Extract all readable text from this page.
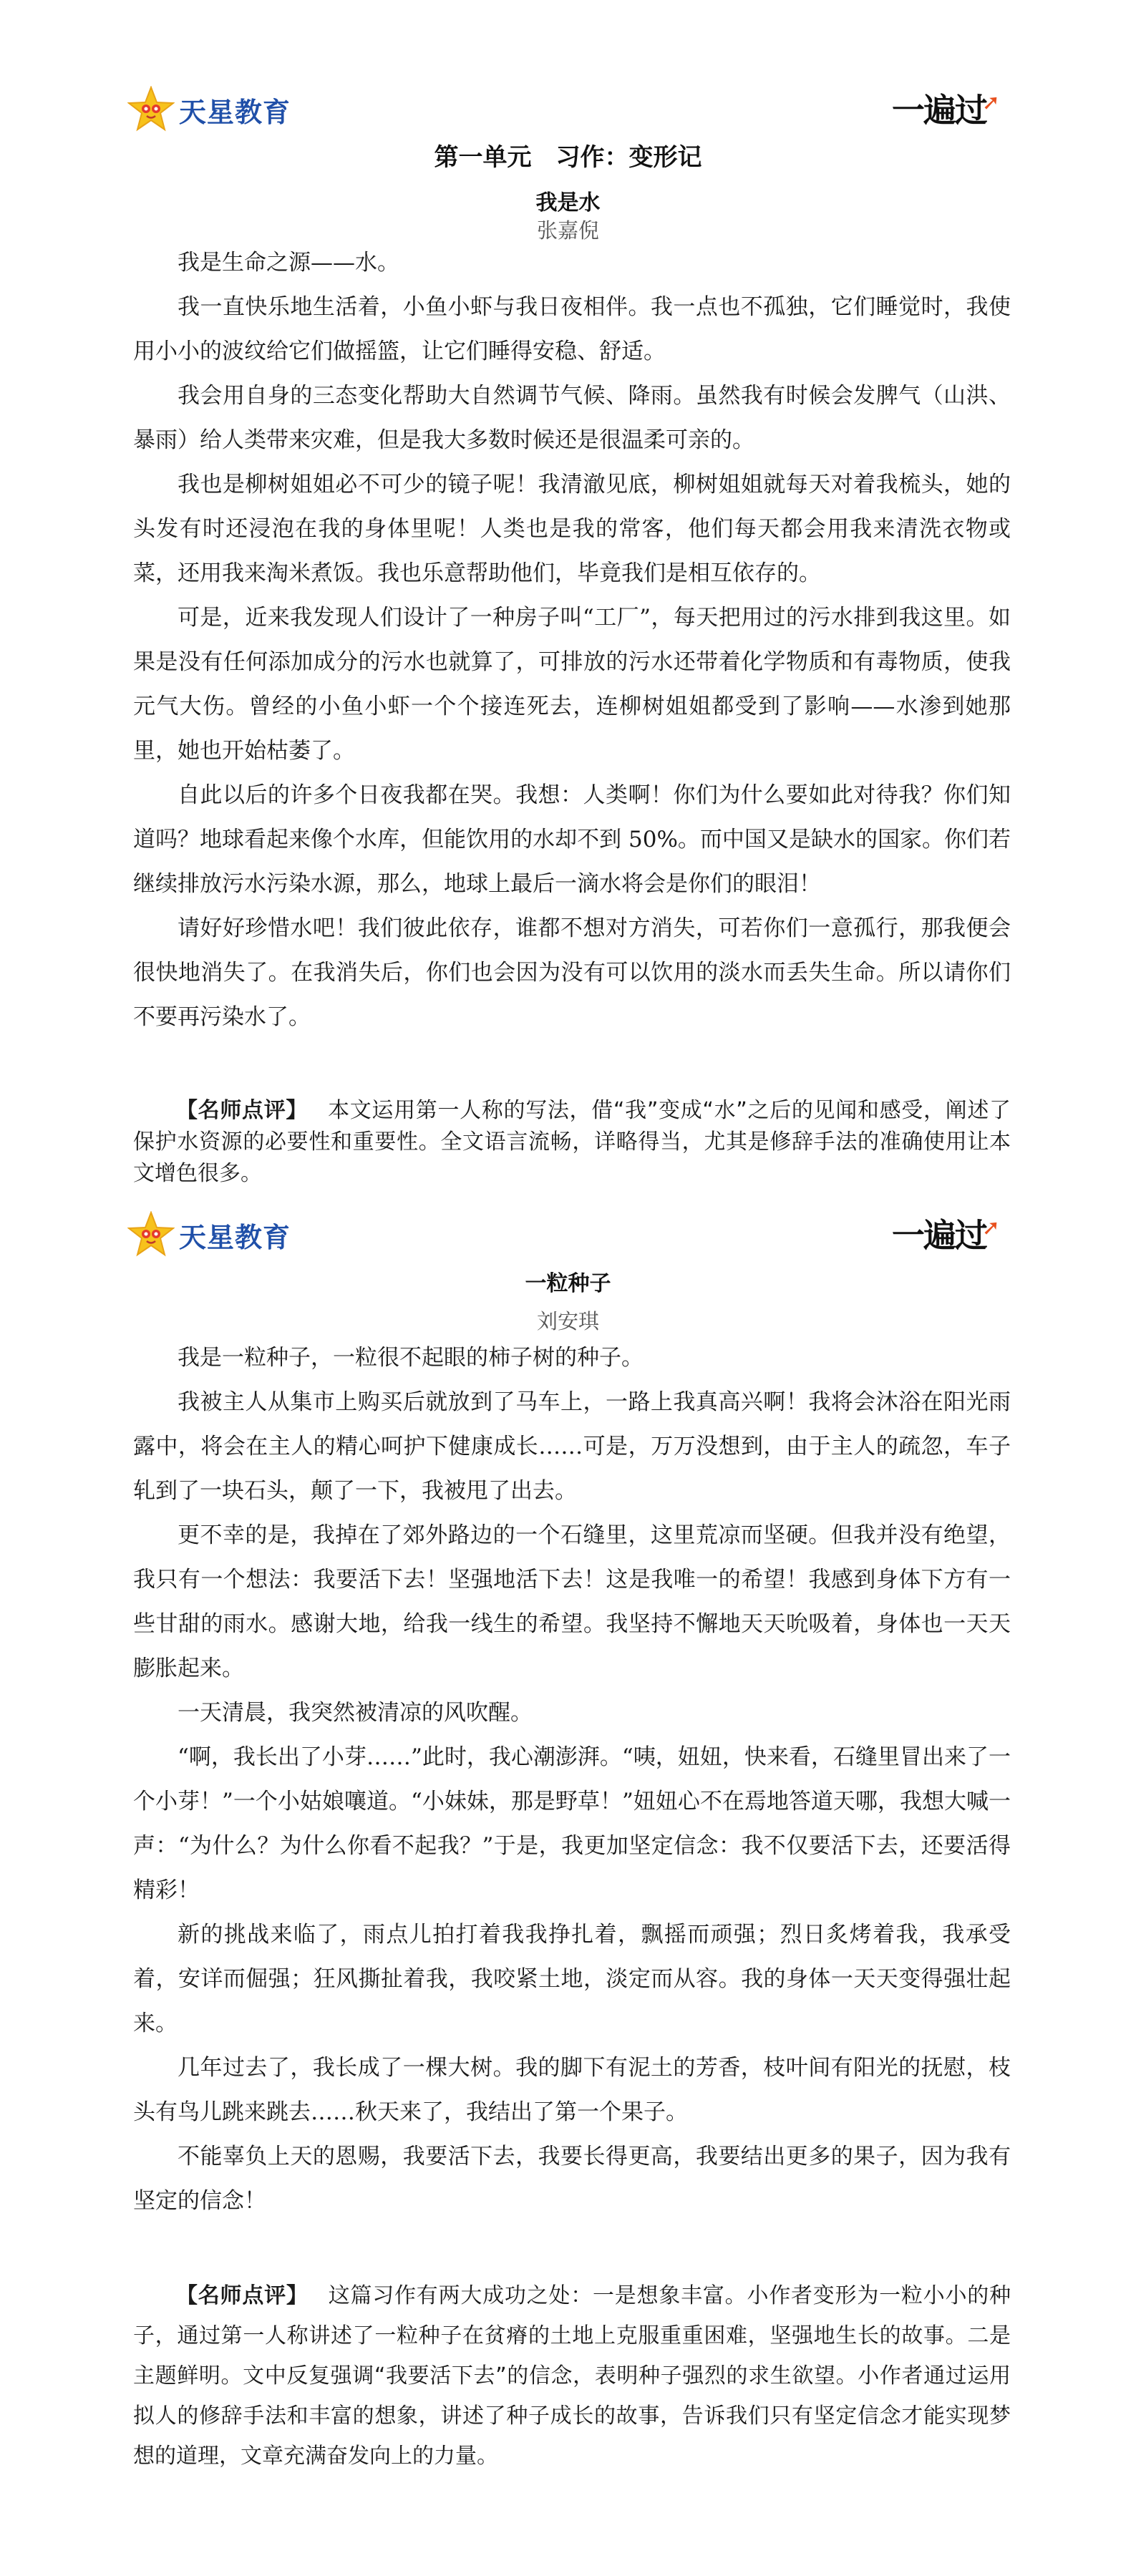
天星教育	一遍过
➚
第一单元　习作：变形记
我是水
张嘉倪

我是生命之源——水。

我一直快乐地生活着，小鱼小虾与我日夜相伴。我一点也不孤独，它们睡觉时，我使用小小的波纹给它们做摇篮，让它们睡得安稳、舒适。

我会用自身的三态变化帮助大自然调节气候、降雨。虽然我有时候会发脾气（山洪、暴雨）给人类带来灾难，但是我大多数时候还是很温柔可亲的。

我也是柳树姐姐必不可少的镜子呢！我清澈见底，柳树姐姐就每天对着我梳头，她的头发有时还浸泡在我的身体里呢！人类也是我的常客，他们每天都会用我来清洗衣物或菜，还用我来淘米煮饭。我也乐意帮助他们，毕竟我们是相互依存的。

可是，近来我发现人们设计了一种房子叫“工厂”，每天把用过的污水排到我这里。如果是没有任何添加成分的污水也就算了，可排放的污水还带着化学物质和有毒物质，使我元气大伤。曾经的小鱼小虾一个个接连死去，连柳树姐姐都受到了影响——水渗到她那里，她也开始枯萎了。

自此以后的许多个日夜我都在哭。我想：人类啊！你们为什么要如此对待我？你们知道吗？地球看起来像个水库，但能饮用的水却不到 50%。而中国又是缺水的国家。你们若继续排放污水污染水源，那么，地球上最后一滴水将会是你们的眼泪！

请好好珍惜水吧！我们彼此依存，谁都不想对方消失，可若你们一意孤行，那我便会很快地消失了。在我消失后，你们也会因为没有可以饮用的淡水而丢失生命。所以请你们不要再污染水了。

【名师点评】 本文运用第一人称的写法，借“我”变成“水”之后的见闻和感受，阐述了保护水资源的必要性和重要性。全文语言流畅，详略得当，尤其是修辞手法的准确使用让本文增色很多。
天星教育	一遍过
➚
一粒种子
刘安琪

我是一粒种子，一粒很不起眼的柿子树的种子。

我被主人从集市上购买后就放到了马车上，一路上我真高兴啊！我将会沐浴在阳光雨露中，将会在主人的精心呵护下健康成长……可是，万万没想到，由于主人的疏忽，车子轧到了一块石头，颠了一下，我被甩了出去。

更不幸的是，我掉在了郊外路边的一个石缝里，这里荒凉而坚硬。但我并没有绝望，我只有一个想法：我要活下去！坚强地活下去！这是我唯一的希望！我感到身体下方有一些甘甜的雨水。感谢大地，给我一线生的希望。我坚持不懈地天天吮吸着，身体也一天天膨胀起来。

一天清晨，我突然被清凉的风吹醒。

“啊，我长出了小芽……”此时，我心潮澎湃。“咦，妞妞，快来看，石缝里冒出来了一个小芽！”一个小姑娘嚷道。“小妹妹，那是野草！”妞妞心不在焉地答道天哪，我想大喊一声：“为什么？为什么你看不起我？”于是，我更加坚定信念：我不仅要活下去，还要活得精彩！

新的挑战来临了，雨点儿拍打着我我挣扎着，飘摇而顽强；烈日炙烤着我，我承受着，安详而倔强；狂风撕扯着我，我咬紧土地，淡定而从容。我的身体一天天变得强壮起来。

几年过去了，我长成了一棵大树。我的脚下有泥土的芳香，枝叶间有阳光的抚慰，枝头有鸟儿跳来跳去……秋天来了，我结出了第一个果子。

不能辜负上天的恩赐，我要活下去，我要长得更高，我要结出更多的果子，因为我有坚定的信念！

【名师点评】 这篇习作有两大成功之处：一是想象丰富。小作者变形为一粒小小的种子，通过第一人称讲述了一粒种子在贫瘠的土地上克服重重困难，坚强地生长的故事。二是主题鲜明。文中反复强调“我要活下去”的信念，表明种子强烈的求生欲望。小作者通过运用拟人的修辞手法和丰富的想象，讲述了种子成长的故事，告诉我们只有坚定信念才能实现梦想的道理，文章充满奋发向上的力量。
